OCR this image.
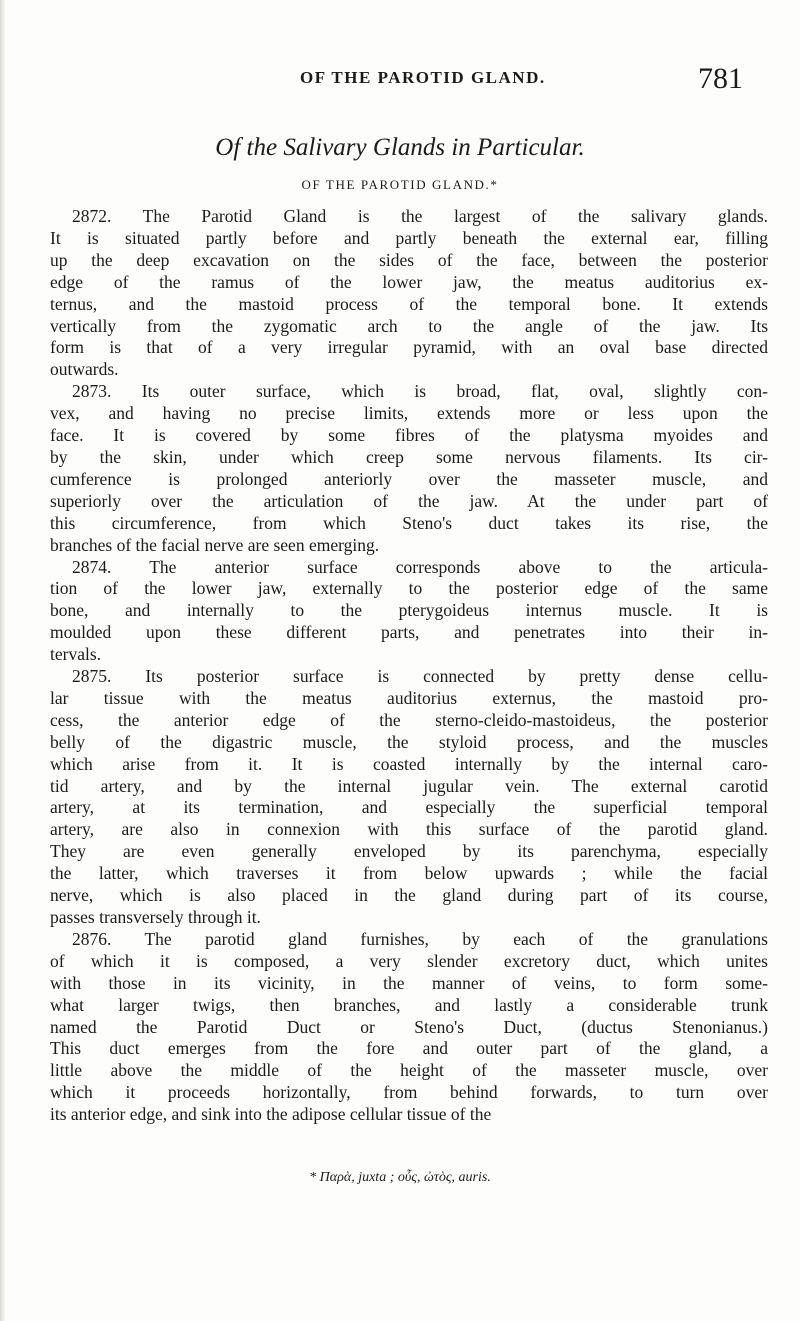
OF THE PAROTID GLAND.	781
Of the Salivary Glands in Particular.
OF THE PAROTID GLAND.*

2872. The Parotid Gland is the largest of the salivary glands.
It is situated partly before and partly beneath the external ear, filling
up the deep excavation on the sides of the face, between the posterior
edge of the ramus of the lower jaw, the meatus auditorius ex-
ternus, and the mastoid process of the temporal bone. It extends
vertically from the zygomatic arch to the angle of the jaw. Its
form is that of a very irregular pyramid, with an oval base directed
outwards.

2873. Its outer surface, which is broad, flat, oval, slightly con-
vex, and having no precise limits, extends more or less upon the
face. It is covered by some fibres of the platysma myoides and
by the skin, under which creep some nervous filaments. Its cir-
cumference is prolonged anteriorly over the masseter muscle, and
superiorly over the articulation of the jaw. At the under part of
this circumference, from which Steno's duct takes its rise, the
branches of the facial nerve are seen emerging.

2874. The anterior surface corresponds above to the articula-
tion of the lower jaw, externally to the posterior edge of the same
bone, and internally to the pterygoideus internus muscle. It is
moulded upon these different parts, and penetrates into their in-
tervals.

2875. Its posterior surface is connected by pretty dense cellu-
lar tissue with the meatus auditorius externus, the mastoid pro-
cess, the anterior edge of the sterno-cleido-mastoideus, the posterior
belly of the digastric muscle, the styloid process, and the muscles
which arise from it. It is coasted internally by the internal caro-
tid artery, and by the internal jugular vein. The external carotid
artery, at its termination, and especially the superficial temporal
artery, are also in connexion with this surface of the parotid gland.
They are even generally enveloped by its parenchyma, especially
the latter, which traverses it from below upwards ; while the facial
nerve, which is also placed in the gland during part of its course,
passes transversely through it.

2876. The parotid gland furnishes, by each of the granulations
of which it is composed, a very slender excretory duct, which unites
with those in its vicinity, in the manner of veins, to form some-
what larger twigs, then branches, and lastly a considerable trunk
named the Parotid Duct or Steno's Duct, (ductus Stenonianus.)
This duct emerges from the fore and outer part of the gland, a
little above the middle of the height of the masseter muscle, over
which it proceeds horizontally, from behind forwards, to turn over
its anterior edge, and sink into the adipose cellular tissue of the

* Παρὰ, juxta ; οὖς, ὠτὸς, auris.
